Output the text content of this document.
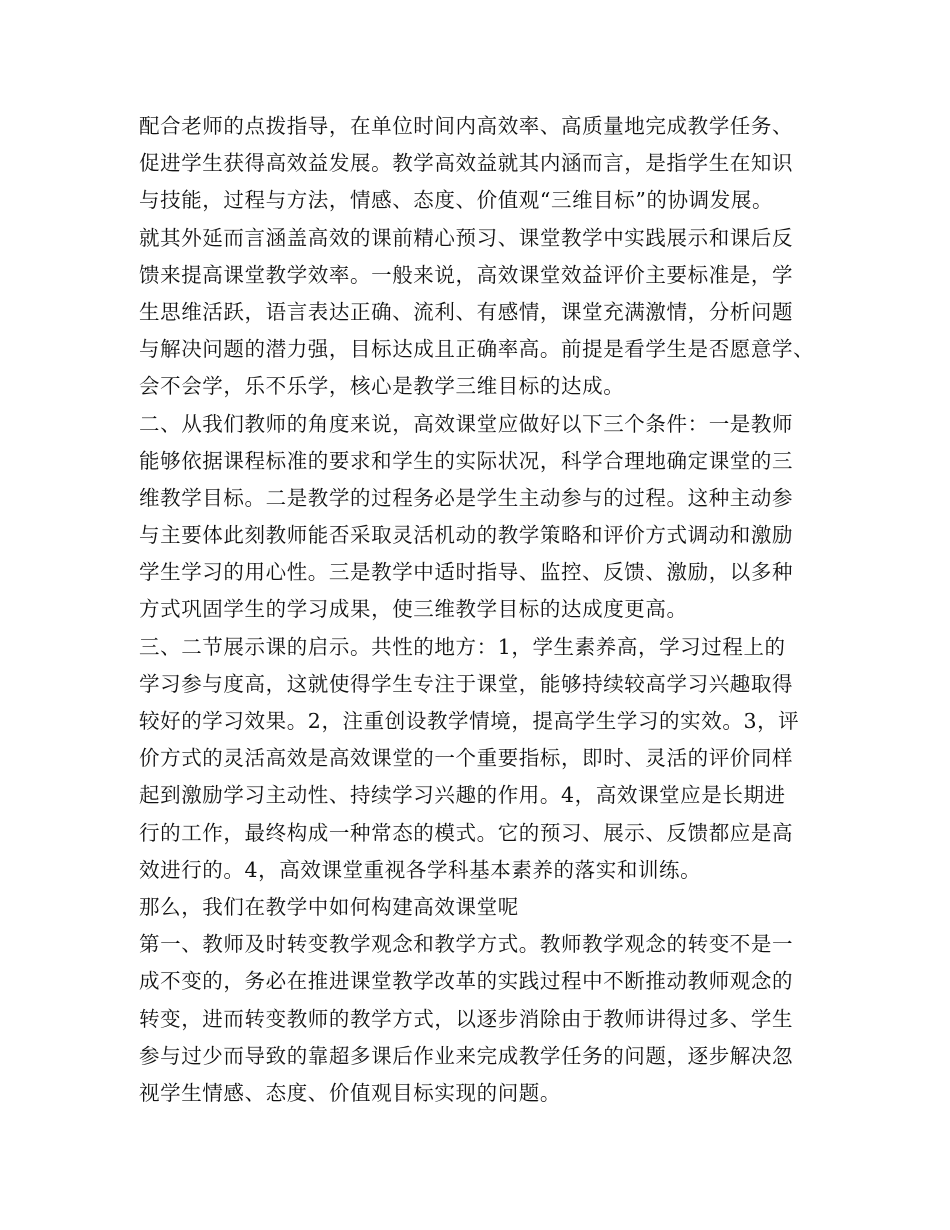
配合老师的点拨指导，在单位时间内高效率、高质量地完成教学任务、
促进学生获得高效益发展。教学高效益就其内涵而言，是指学生在知识
与技能，过程与方法，情感、态度、价值观“三维目标”的协调发展。
就其外延而言涵盖高效的课前精心预习、课堂教学中实践展示和课后反
馈来提高课堂教学效率。一般来说，高效课堂效益评价主要标准是，学
生思维活跃，语言表达正确、流利、有感情，课堂充满激情，分析问题
与解决问题的潜力强，目标达成且正确率高。前提是看学生是否愿意学、
会不会学，乐不乐学，核心是教学三维目标的达成。
二、从我们教师的角度来说，高效课堂应做好以下三个条件：一是教师
能够依据课程标准的要求和学生的实际状况，科学合理地确定课堂的三
维教学目标。二是教学的过程务必是学生主动参与的过程。这种主动参
与主要体此刻教师能否采取灵活机动的教学策略和评价方式调动和激励
学生学习的用心性。三是教学中适时指导、监控、反馈、激励，以多种
方式巩固学生的学习成果，使三维教学目标的达成度更高。
三、二节展示课的启示。共性的地方：1，学生素养高，学习过程上的
学习参与度高，这就使得学生专注于课堂，能够持续较高学习兴趣取得
较好的学习效果。2，注重创设教学情境，提高学生学习的实效。3，评
价方式的灵活高效是高效课堂的一个重要指标，即时、灵活的评价同样
起到激励学习主动性、持续学习兴趣的作用。4，高效课堂应是长期进
行的工作，最终构成一种常态的模式。它的预习、展示、反馈都应是高
效进行的。4，高效课堂重视各学科基本素养的落实和训练。
那么，我们在教学中如何构建高效课堂呢
第一、教师及时转变教学观念和教学方式。教师教学观念的转变不是一
成不变的，务必在推进课堂教学改革的实践过程中不断推动教师观念的
转变，进而转变教师的教学方式，以逐步消除由于教师讲得过多、学生
参与过少而导致的靠超多课后作业来完成教学任务的问题，逐步解决忽
视学生情感、态度、价值观目标实现的问题。
